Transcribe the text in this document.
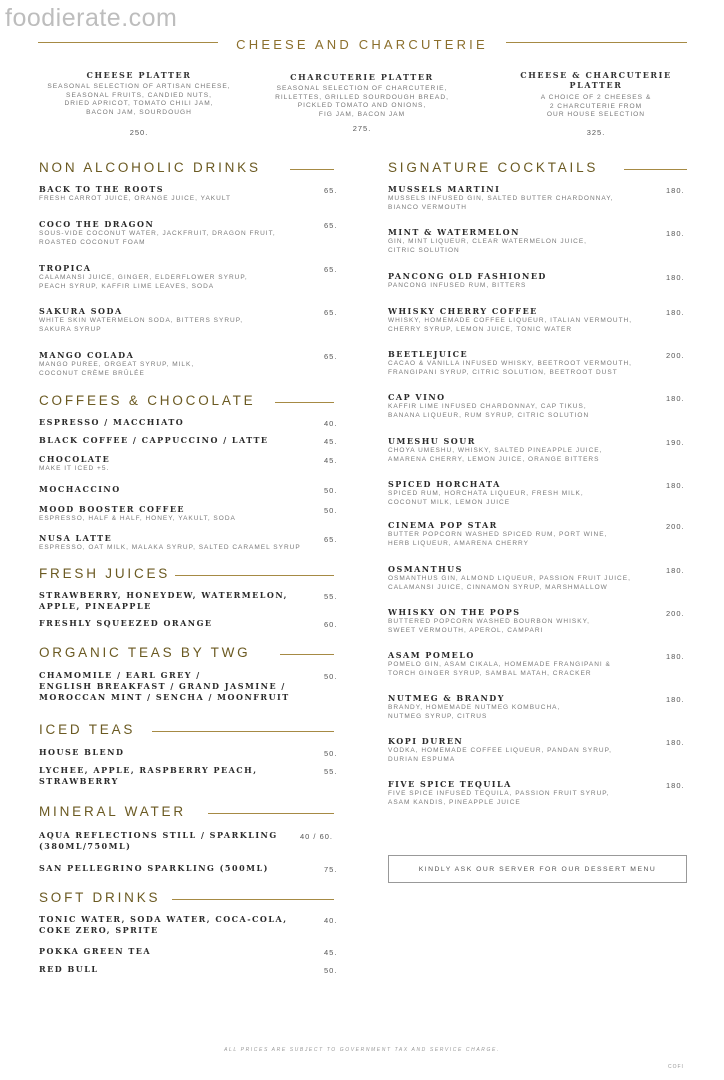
foodierate.com
CHEESE AND CHARCUTERIE
CHEESE PLATTER
SEASONAL SELECTION OF ARTISAN CHEESE,
SEASONAL FRUITS, CANDIED NUTS,
DRIED APRICOT, TOMATO CHILI JAM,
BACON JAM, SOURDOUGH
250.
CHARCUTERIE PLATTER
SEASONAL SELECTION OF CHARCUTERIE,
RILLETTES, GRILLED SOURDOUGH BREAD,
PICKLED TOMATO AND ONIONS,
FIG JAM, BACON JAM
275.
CHEESE & CHARCUTERIE
PLATTER
A CHOICE OF 2 CHEESES &
2 CHARCUTERIE FROM
OUR HOUSE SELECTION
325.
NON ALCOHOLIC DRINKS
BACK TO THE ROOTS
FRESH CARROT JUICE, ORANGE JUICE, YAKULT
65.
COCO THE DRAGON
SOUS-VIDE COCONUT WATER, JACKFRUIT, DRAGON FRUIT,
ROASTED COCONUT FOAM
65.
TROPICA
CALAMANSI JUICE, GINGER, ELDERFLOWER SYRUP,
PEACH SYRUP, KAFFIR LIME LEAVES, SODA
65.
SAKURA SODA
WHITE SKIN WATERMELON SODA, BITTERS SYRUP,
SAKURA SYRUP
65.
MANGO COLADA
MANGO PUREE, ORGEAT SYRUP, MILK,
COCONUT CRÈME BRÛLÉE
65.
COFFEES & CHOCOLATE
ESPRESSO / MACCHIATO	40.
BLACK COFFEE / CAPPUCCINO / LATTE	45.
CHOCOLATE
MAKE IT ICED +5.
45.
MOCHACCINO	50.
MOOD BOOSTER COFFEE
ESPRESSO, HALF & HALF, HONEY, YAKULT, SODA
50.
NUSA LATTE
ESPRESSO, OAT MILK, MALAKA SYRUP, SALTED CARAMEL SYRUP
65.
FRESH JUICES
STRAWBERRY, HONEYDEW, WATERMELON,
APPLE, PINEAPPLE
55.
FRESHLY SQUEEZED ORANGE	60.
ORGANIC TEAS BY TWG
CHAMOMILE / EARL GREY /
ENGLISH BREAKFAST / GRAND JASMINE /
MOROCCAN MINT / SENCHA / MOONFRUIT
50.
ICED TEAS
HOUSE BLEND	50.
LYCHEE, APPLE, RASPBERRY PEACH,
STRAWBERRY
55.
MINERAL WATER
AQUA REFLECTIONS STILL / SPARKLING
(380ML/750ML)
40 / 60.
SAN PELLEGRINO SPARKLING (500ML)	75.
SOFT DRINKS
TONIC WATER, SODA WATER, COCA-COLA,
COKE ZERO, SPRITE
40.
POKKA GREEN TEA	45.
RED BULL	50.
SIGNATURE COCKTAILS
MUSSELS MARTINI
MUSSELS INFUSED GIN, SALTED BUTTER CHARDONNAY,
BIANCO VERMOUTH
180.
MINT & WATERMELON
GIN, MINT LIQUEUR, CLEAR WATERMELON JUICE,
CITRIC SOLUTION
180.
PANCONG OLD FASHIONED
PANCONG INFUSED RUM, BITTERS
180.
WHISKY CHERRY COFFEE
WHISKY, HOMEMADE COFFEE LIQUEUR, ITALIAN VERMOUTH,
CHERRY SYRUP, LEMON JUICE, TONIC WATER
180.
BEETLEJUICE
CACAO & VANILLA INFUSED WHISKY, BEETROOT VERMOUTH,
FRANGIPANI SYRUP, CITRIC SOLUTION, BEETROOT DUST
200.
CAP VINO
KAFFIR LIME INFUSED CHARDONNAY, CAP TIKUS,
BANANA LIQUEUR, RUM SYRUP, CITRIC SOLUTION
180.
UMESHU SOUR
CHOYA UMESHU, WHISKY, SALTED PINEAPPLE JUICE,
AMARENA CHERRY, LEMON JUICE, ORANGE BITTERS
190.
SPICED HORCHATA
SPICED RUM, HORCHATA LIQUEUR, FRESH MILK,
COCONUT MILK, LEMON JUICE
180.
CINEMA POP STAR
BUTTER POPCORN WASHED SPICED RUM, PORT WINE,
HERB LIQUEUR, AMARENA CHERRY
200.
OSMANTHUS
OSMANTHUS GIN, ALMOND LIQUEUR, PASSION FRUIT JUICE,
CALAMANSI JUICE, CINNAMON SYRUP, MARSHMALLOW
180.
WHISKY ON THE POPS
BUTTERED POPCORN WASHED BOURBON WHISKY,
SWEET VERMOUTH, APEROL, CAMPARI
200.
ASAM POMELO
POMELO GIN, ASAM CIKALA, HOMEMADE FRANGIPANI &
TORCH GINGER SYRUP, SAMBAL MATAH, CRACKER
180.
NUTMEG & BRANDY
BRANDY, HOMEMADE NUTMEG KOMBUCHA,
NUTMEG SYRUP, CITRUS
180.
KOPI DUREN
VODKA, HOMEMADE COFFEE LIQUEUR, PANDAN SYRUP,
DURIAN ESPUMA
180.
FIVE SPICE TEQUILA
FIVE SPICE INFUSED TEQUILA, PASSION FRUIT SYRUP,
ASAM KANDIS, PINEAPPLE JUICE
180.
KINDLY ASK OUR SERVER FOR OUR DESSERT MENU
ALL PRICES ARE SUBJECT TO GOVERNMENT TAX AND SERVICE CHARGE.
COFI
